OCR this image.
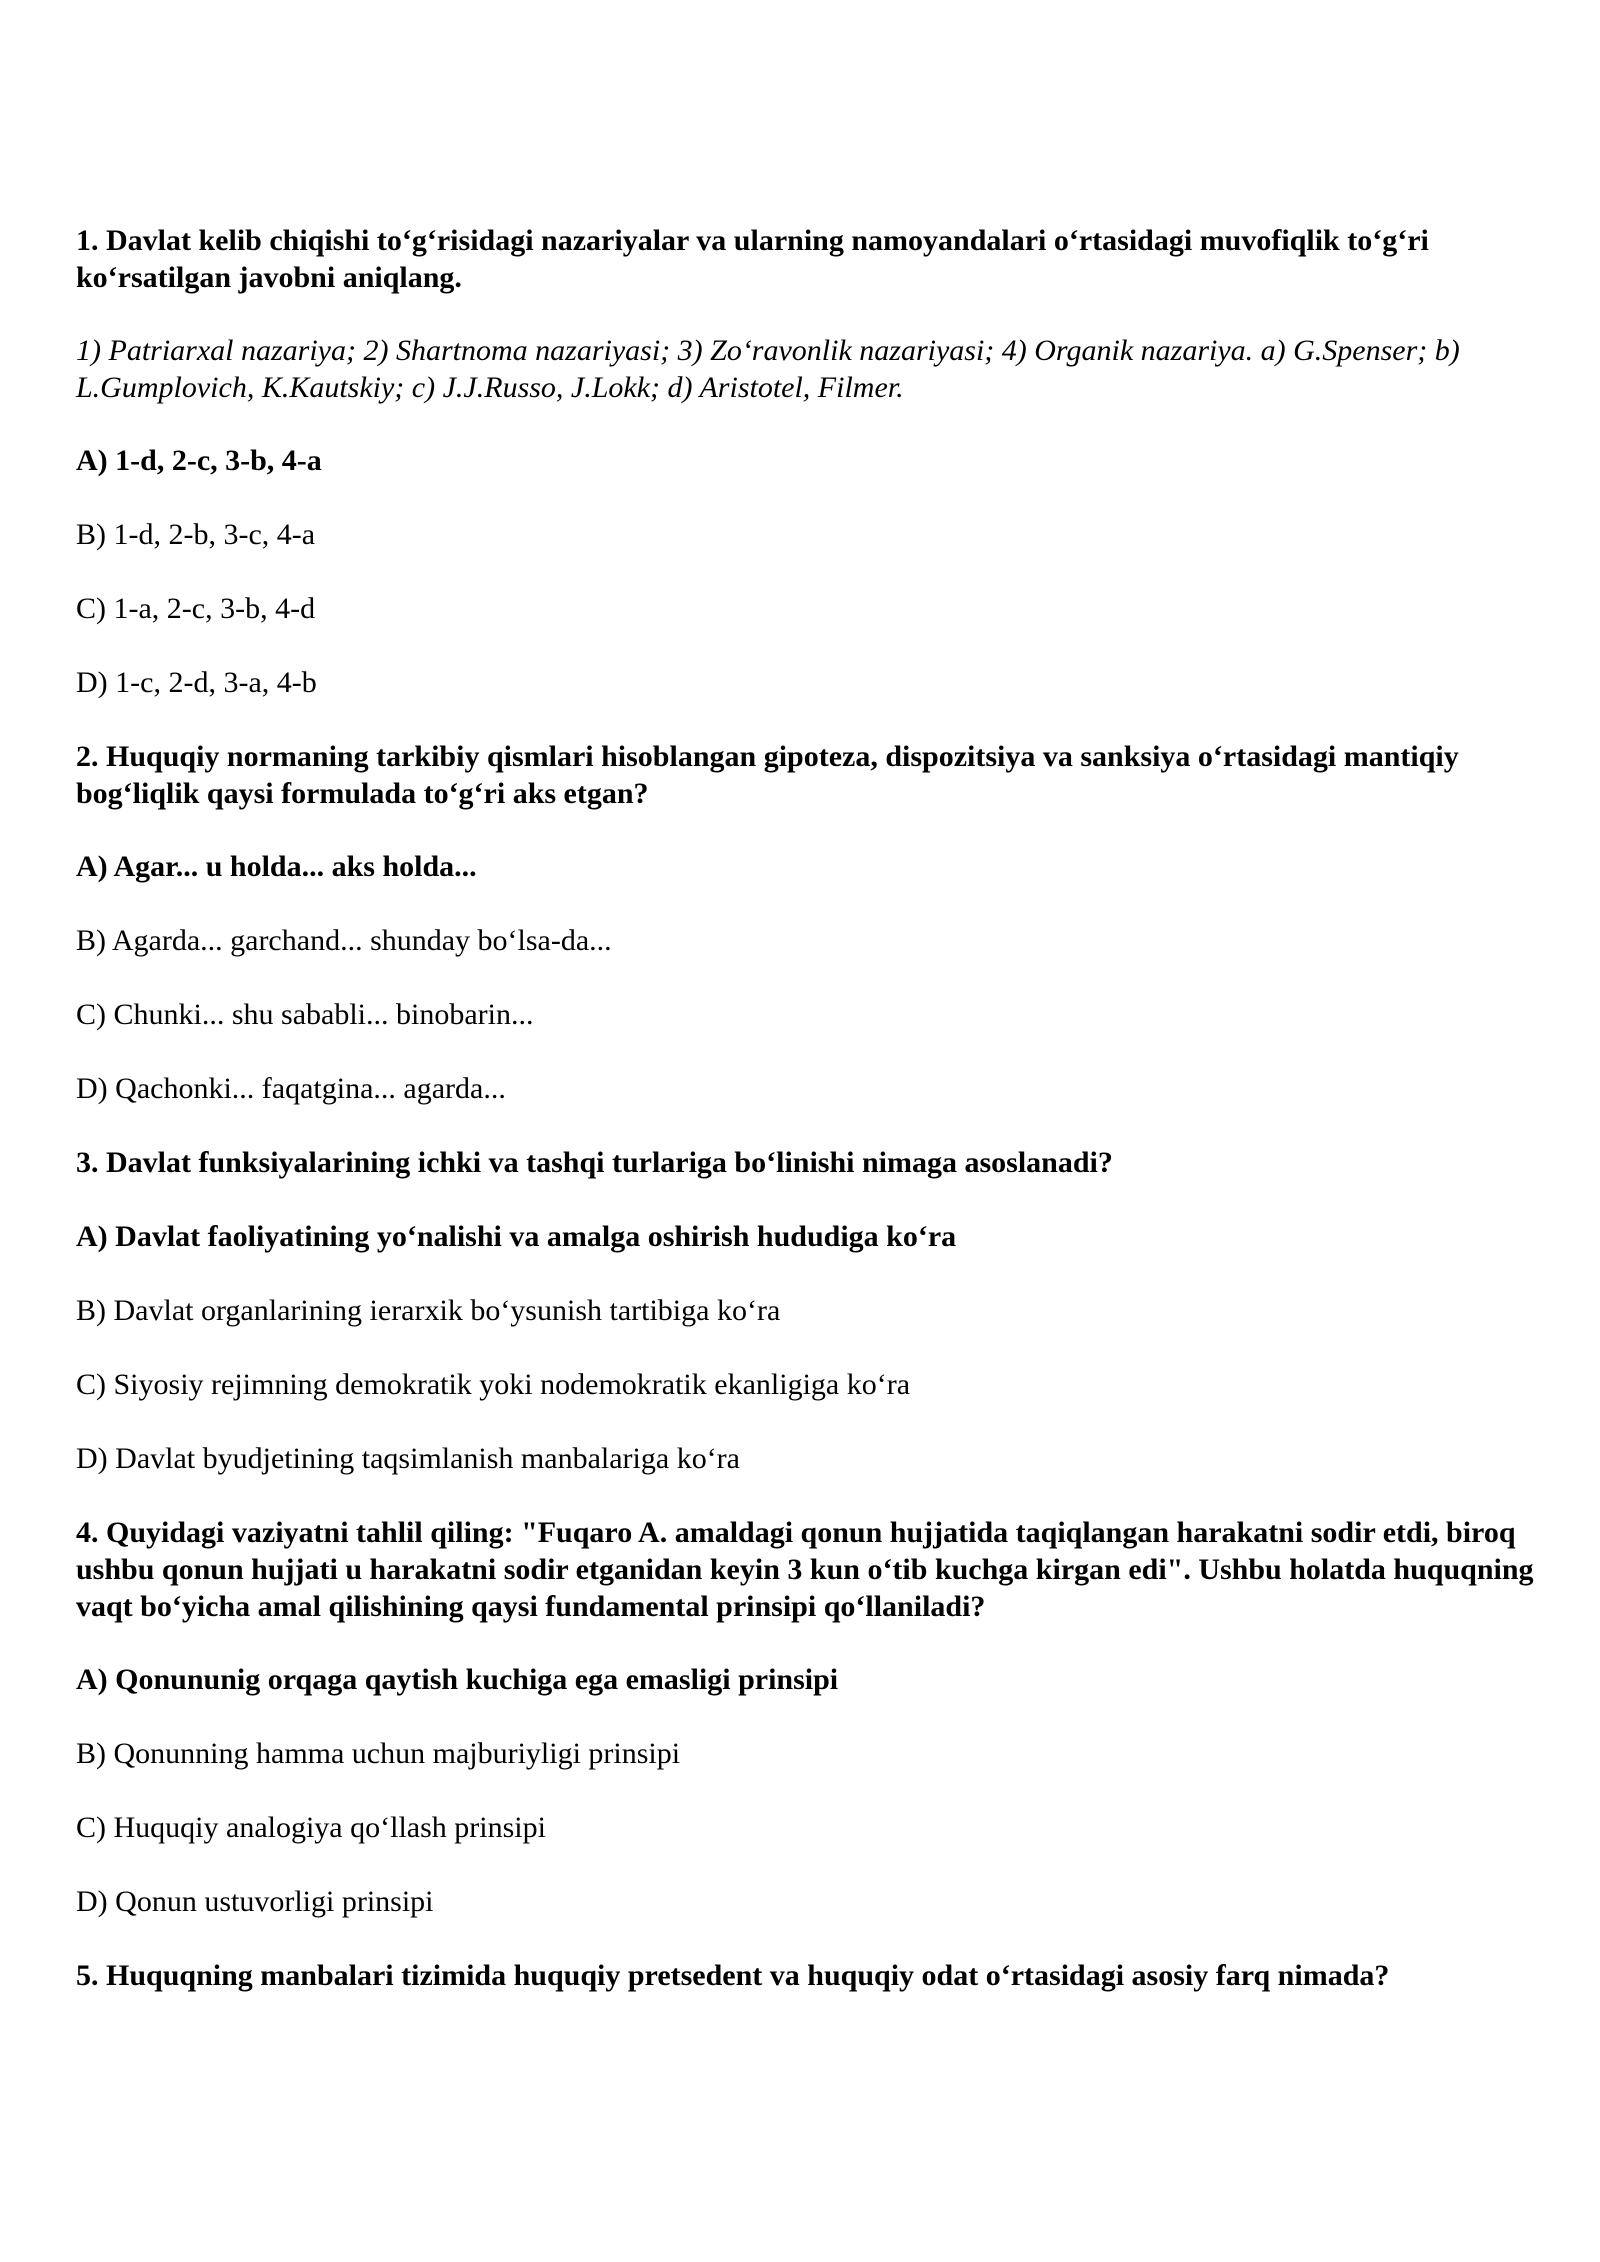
1. Davlat kelib chiqishi to‘g‘risidagi nazariyalar va ularning namoyandalari o‘rtasidagi muvofiqlik to‘g‘ri ko‘rsatilgan javobni aniqlang.

1) Patriarxal nazariya; 2) Shartnoma nazariyasi; 3) Zo‘ravonlik nazariyasi; 4) Organik nazariya. a) G.Spenser; b) L.Gumplovich, K.Kautskiy; c) J.J.Russo, J.Lokk; d) Aristotel, Filmer.

A) 1-d, 2-c, 3-b, 4-a

B) 1-d, 2-b, 3-c, 4-a

C) 1-a, 2-c, 3-b, 4-d

D) 1-c, 2-d, 3-a, 4-b

2. Huquqiy normaning tarkibiy qismlari hisoblangan gipoteza, dispozitsiya va sanksiya o‘rtasidagi mantiqiy bog‘liqlik qaysi formulada to‘g‘ri aks etgan?

A) Agar... u holda... aks holda...

B) Agarda... garchand... shunday bo‘lsa-da...

C) Chunki... shu sababli... binobarin...

D) Qachonki... faqatgina... agarda...

3. Davlat funksiyalarining ichki va tashqi turlariga bo‘linishi nimaga asoslanadi?

A) Davlat faoliyatining yo‘nalishi va amalga oshirish hududiga ko‘ra

B) Davlat organlarining ierarxik bo‘ysunish tartibiga ko‘ra

C) Siyosiy rejimning demokratik yoki nodemokratik ekanligiga ko‘ra

D) Davlat byudjetining taqsimlanish manbalariga ko‘ra

4. Quyidagi vaziyatni tahlil qiling: "Fuqaro A. amaldagi qonun hujjatida taqiqlangan harakatni sodir etdi, biroq ushbu qonun hujjati u harakatni sodir etganidan keyin 3 kun o‘tib kuchga kirgan edi". Ushbu holatda huquqning vaqt bo‘yicha amal qilishining qaysi fundamental prinsipi qo‘llaniladi?

A) Qonununig orqaga qaytish kuchiga ega emasligi prinsipi

B) Qonunning hamma uchun majburiyligi prinsipi

C) Huquqiy analogiya qo‘llash prinsipi

D) Qonun ustuvorligi prinsipi

5. Huquqning manbalari tizimida huquqiy pretsedent va huquqiy odat o‘rtasidagi asosiy farq nimada?
